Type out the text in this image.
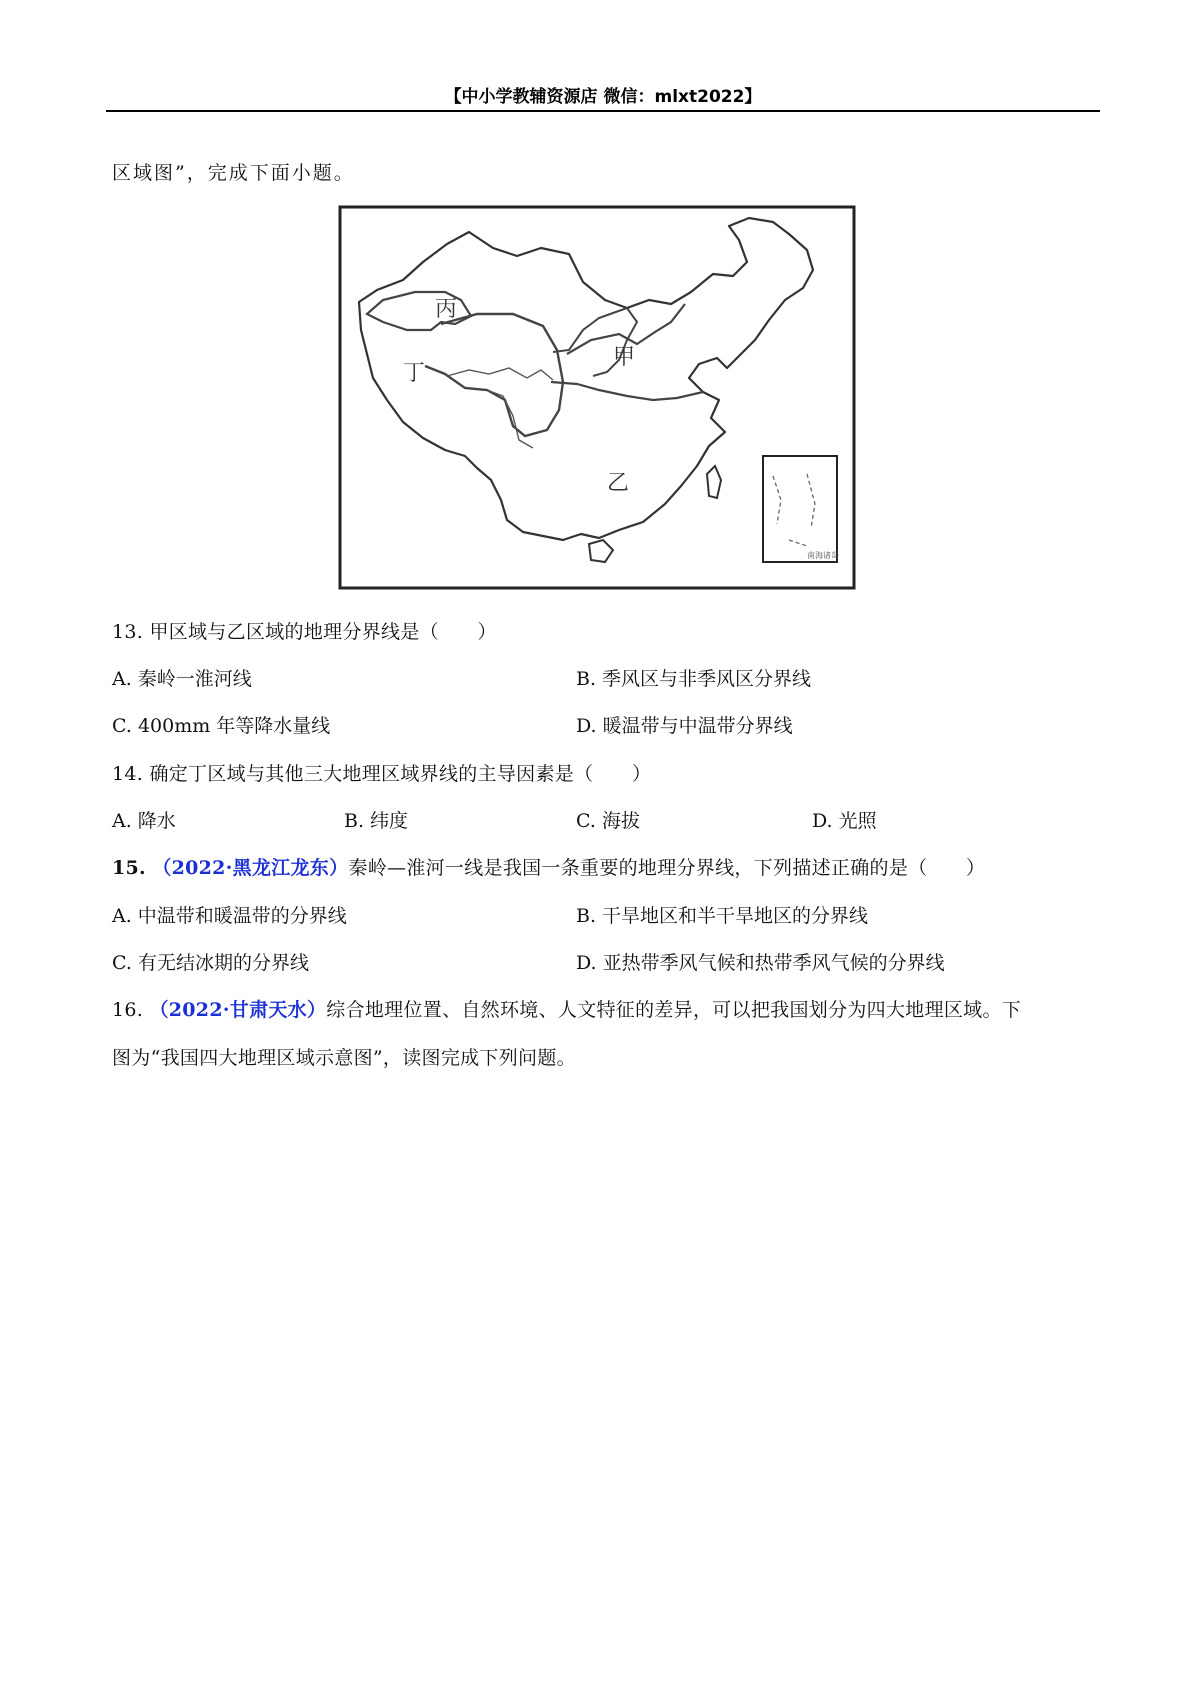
【中小学教辅资源店 微信：mlxt2022】
区域图”，完成下面小题。
南海诸岛
丙
丁
甲
乙
13. 甲区域与乙区域的地理分界线是（　　）
A. 秦岭一淮河线	B. 季风区与非季风区分界线
C. 400mm 年等降水量线	D. 暖温带与中温带分界线
14. 确定丁区域与其他三大地理区域界线的主导因素是（　　）
A. 降水	B. 纬度	C. 海拔	D. 光照
15. （2022·黑龙江龙东）秦岭—淮河一线是我国一条重要的地理分界线，下列描述正确的是（　　）
A. 中温带和暖温带的分界线	B. 干旱地区和半干旱地区的分界线
C. 有无结冰期的分界线	D. 亚热带季风气候和热带季风气候的分界线
16. （2022·甘肃天水）综合地理位置、自然环境、人文特征的差异，可以把我国划分为四大地理区域。下
图为“我国四大地理区域示意图”，读图完成下列问题。
